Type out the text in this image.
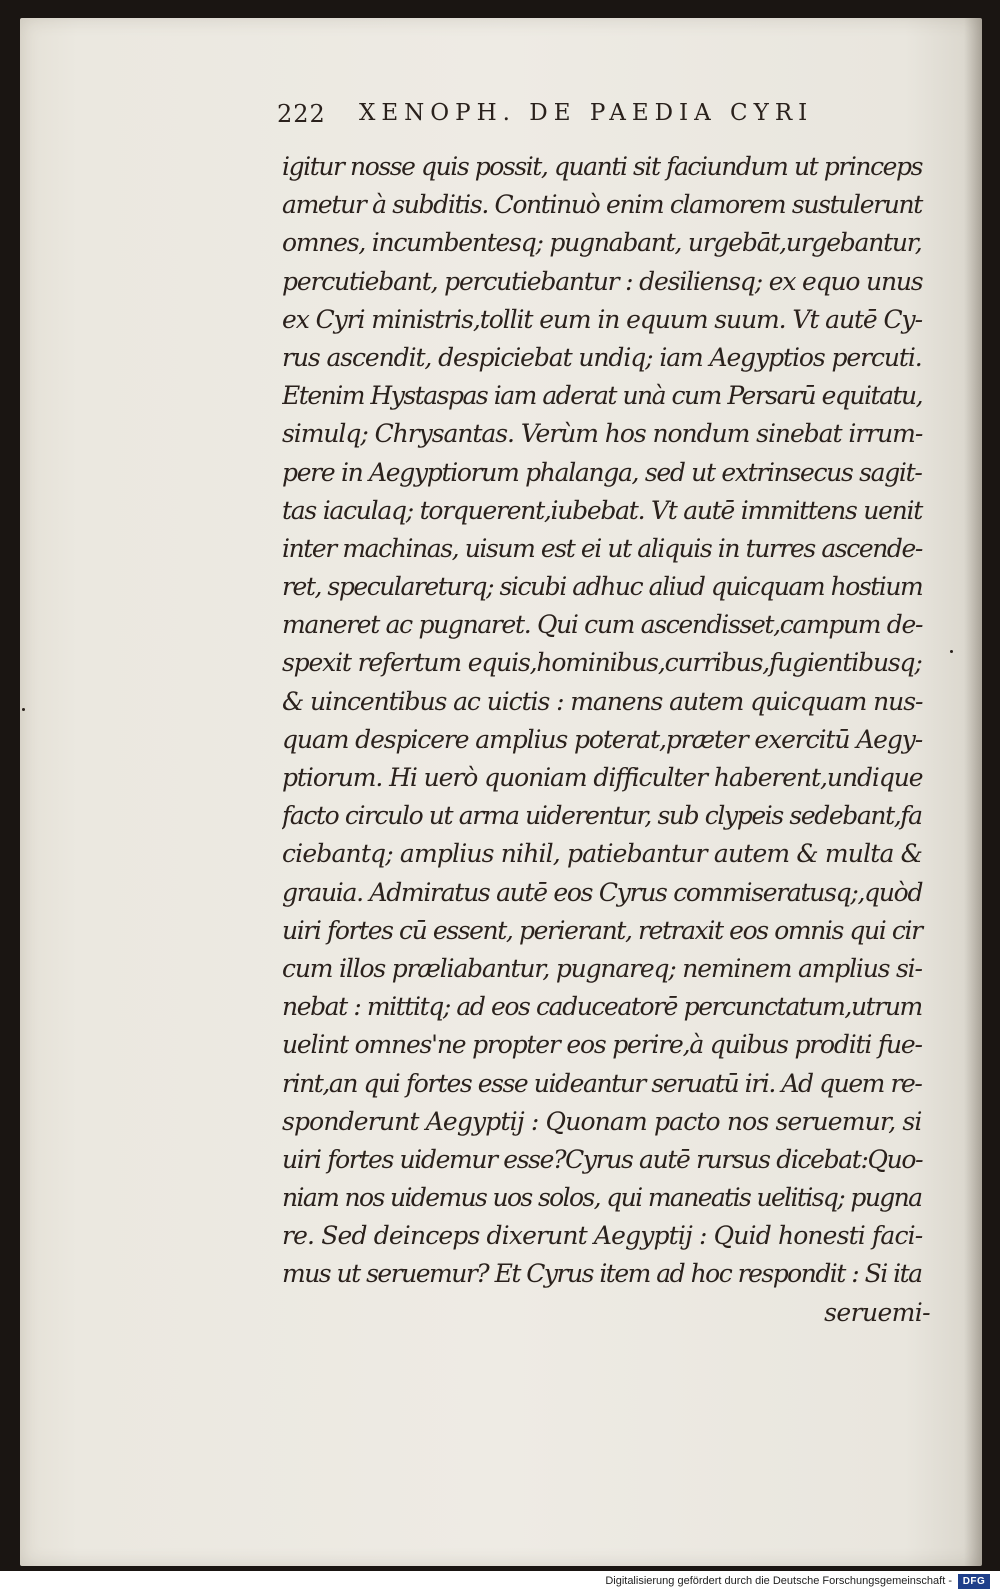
222 XENOPH. DE PAEDIA CYRI
igitur nosse quis possit, quanti sit faciundum ut princeps
ametur à subditis. Continuò enim clamorem sustulerunt
omnes, incumbentesq; pugnabant, urgebāt,urgebantur,
percutiebant, percutiebantur : desiliensq; ex equo unus
ex Cyri ministris,tollit eum in equum suum. Vt autē Cy-
rus ascendit, despiciebat undiq; iam Aegyptios percuti.
Etenim Hystaspas iam aderat unà cum Persarū equitatu,
simulq; Chrysantas. Verùm hos nondum sinebat irrum-
pere in Aegyptiorum phalanga, sed ut extrinsecus sagit-
tas iaculaq; torquerent,iubebat. Vt autē immittens uenit
inter machinas, uisum est ei ut aliquis in turres ascende-
ret, speculareturq; sicubi adhuc aliud quicquam hostium
maneret ac pugnaret. Qui cum ascendisset,campum de-
spexit refertum equis,hominibus,curribus,fugientibusq;
& uincentibus ac uictis : manens autem quicquam nus-
quam despicere amplius poterat,præter exercitū Aegy-
ptiorum. Hi uerò quoniam difficulter haberent,undique
facto circulo ut arma uiderentur, sub clypeis sedebant,fa
ciebantq; amplius nihil, patiebantur autem & multa &
grauia. Admiratus autē eos Cyrus commiseratusq;,quòd
uiri fortes cū essent, perierant, retraxit eos omnis qui cir
cum illos præliabantur, pugnareq; neminem amplius si-
nebat : mittitq; ad eos caduceatorē percunctatum,utrum
uelint omnes'ne propter eos perire,à quibus proditi fue-
rint,an qui fortes esse uideantur seruatū iri. Ad quem re-
sponderunt Aegyptij : Quonam pacto nos seruemur, si
uiri fortes uidemur esse?Cyrus autē rursus dicebat:Quo-
niam nos uidemus uos solos, qui maneatis uelitisq; pugna
re. Sed deinceps dixerunt Aegyptij : Quid honesti faci-
mus ut seruemur? Et Cyrus item ad hoc respondit : Si ita
seruemi-
Digitalisierung gefördert durch die Deutsche Forschungsgemeinschaft -	DFG
